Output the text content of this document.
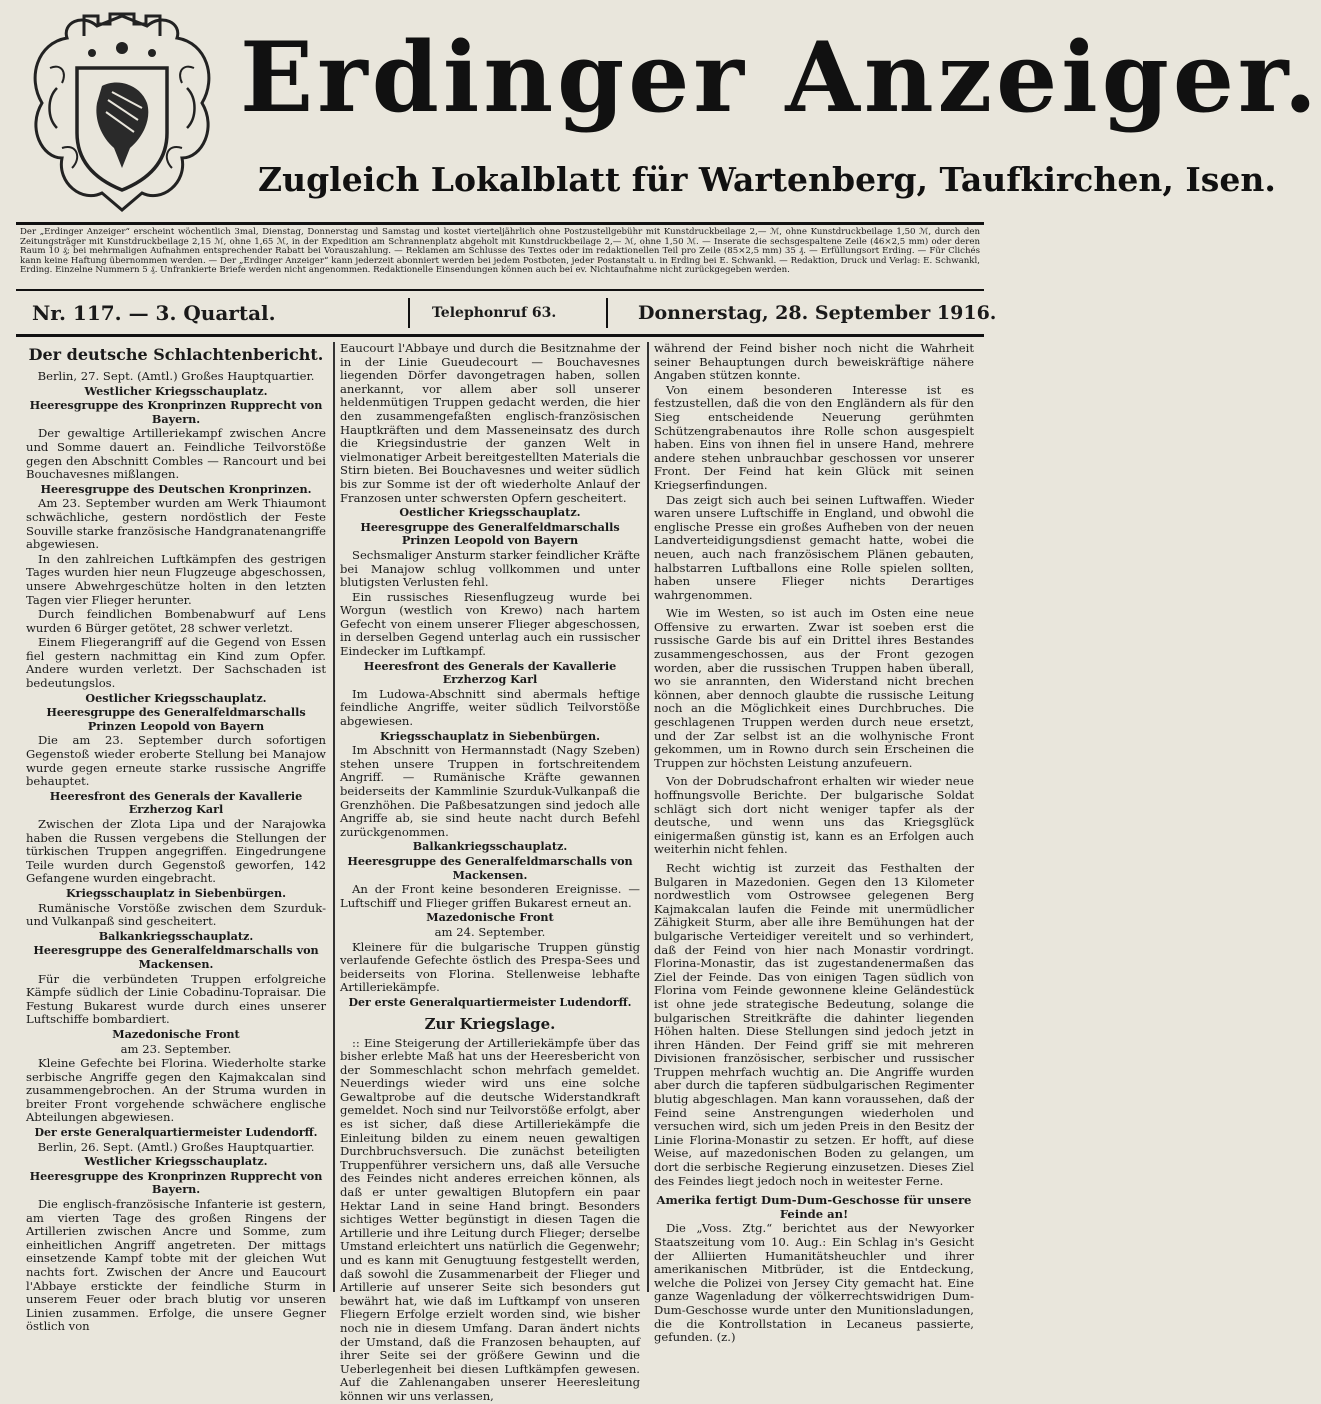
Erdinger Anzeiger.
Zugleich Lokalblatt für Wartenberg, Taufkirchen, Isen.
Der „Erdinger Anzeiger“ erscheint wöchentlich 3mal, Dienstag, Donnerstag und Samstag und kostet vierteljährlich ohne Postzustellgebühr mit Kunstdruckbeilage 2,— ℳ, ohne Kunstdruckbeilage 1,50 ℳ, durch den Zeitungsträger mit Kunstdruckbeilage 2,15 ℳ, ohne 1,65 ℳ, in der Expedition am Schrannenplatz abgeholt mit Kunstdruckbeilage 2,— ℳ, ohne 1,50 ℳ. — Inserate die sechsgespaltene Zeile (46×2,5 mm) oder deren Raum 10 ₰; bei mehrmaligen Aufnahmen entsprechender Rabatt bei Vorauszahlung. — Reklamen am Schlusse des Textes oder im redaktionellen Teil pro Zeile (85×2,5 mm) 35 ₰. — Erfüllungsort Erding. — Für Clichés kann keine Haftung übernommen werden. — Der „Erdinger Anzeiger“ kann jederzeit abonniert werden bei jedem Postboten, jeder Postanstalt u. in Erding bei E. Schwankl. — Redaktion, Druck und Verlag: E. Schwankl, Erding. Einzelne Nummern 5 ₰. Unfrankierte Briefe werden nicht angenommen. Redaktionelle Einsendungen können auch bei ev. Nichtaufnahme nicht zurückgegeben werden.
Nr. 117. — 3. Quartal.	Telephonruf 63.	Donnerstag, 28. September 1916.
Der deutsche Schlachtenbericht.

Berlin, 27. Sept. (Amtl.) Großes Hauptquartier.

Westlicher Kriegsschauplatz.

Heeresgruppe des Kronprinzen Rupprecht von Bayern.

Der gewaltige Artilleriekampf zwischen Ancre und Somme dauert an. Feindliche Teilvorstöße gegen den Abschnitt Combles — Rancourt und bei Bouchavesnes mißlangen.

Heeresgruppe des Deutschen Kronprinzen.

Am 23. September wurden am Werk Thiaumont schwächliche, gestern nordöstlich der Feste Souville starke französische Handgranatenangriffe abgewiesen.

In den zahlreichen Luftkämpfen des gestrigen Tages wurden hier neun Flugzeuge abgeschossen, unsere Abwehrgeschütze holten in den letzten Tagen vier Flieger herunter.

Durch feindlichen Bombenabwurf auf Lens wurden 6 Bürger getötet, 28 schwer verletzt.

Einem Fliegerangriff auf die Gegend von Essen fiel gestern nachmittag ein Kind zum Opfer. Andere wurden verletzt. Der Sachschaden ist bedeutungslos.

Oestlicher Kriegsschauplatz.

Heeresgruppe des Generalfeldmarschalls Prinzen Leopold von Bayern

Die am 23. September durch sofortigen Gegenstoß wieder eroberte Stellung bei Manajow wurde gegen erneute starke russische Angriffe behauptet.

Heeresfront des Generals der Kavallerie Erzherzog Karl

Zwischen der Zlota Lipa und der Narajowka haben die Russen vergebens die Stellungen der türkischen Truppen angegriffen. Eingedrungene Teile wurden durch Gegenstoß geworfen, 142 Gefangene wurden eingebracht.

Kriegsschauplatz in Siebenbürgen.

Rumänische Vorstöße zwischen dem Szurduk- und Vulkanpaß sind gescheitert.

Balkankriegsschauplatz.

Heeresgruppe des Generalfeldmarschalls von Mackensen.

Für die verbündeten Truppen erfolgreiche Kämpfe südlich der Linie Cobadinu-Topraisar. Die Festung Bukarest wurde durch eines unserer Luftschiffe bombardiert.

Mazedonische Front

am 23. September.

Kleine Gefechte bei Florina. Wiederholte starke serbische Angriffe gegen den Kajmakcalan sind zusammengebrochen. An der Struma wurden in breiter Front vorgehende schwächere englische Abteilungen abgewiesen.

Der erste Generalquartiermeister Ludendorff.

Berlin, 26. Sept. (Amtl.) Großes Hauptquartier.

Westlicher Kriegsschauplatz.

Heeresgruppe des Kronprinzen Rupprecht von Bayern.

Die englisch-französische Infanterie ist gestern, am vierten Tage des großen Ringens der Artillerien zwischen Ancre und Somme, zum einheitlichen Angriff angetreten. Der mittags einsetzende Kampf tobte mit der gleichen Wut nachts fort. Zwischen der Ancre und Eaucourt l'Abbaye erstickte der feindliche Sturm in unserem Feuer oder brach blutig vor unseren Linien zusammen. Erfolge, die unsere Gegner östlich von

Eaucourt l'Abbaye und durch die Besitznahme der in der Linie Gueudecourt — Bouchavesnes liegenden Dörfer davongetragen haben, sollen anerkannt, vor allem aber soll unserer heldenmütigen Truppen gedacht werden, die hier den zusammengefaßten englisch-französischen Hauptkräften und dem Masseneinsatz des durch die Kriegsindustrie der ganzen Welt in vielmonatiger Arbeit bereitgestellten Materials die Stirn bieten. Bei Bouchavesnes und weiter südlich bis zur Somme ist der oft wiederholte Anlauf der Franzosen unter schwersten Opfern gescheitert.

Oestlicher Kriegsschauplatz.

Heeresgruppe des Generalfeldmarschalls Prinzen Leopold von Bayern

Sechsmaliger Ansturm starker feindlicher Kräfte bei Manajow schlug vollkommen und unter blutigsten Verlusten fehl.

Ein russisches Riesenflugzeug wurde bei Worgun (westlich von Krewo) nach hartem Gefecht von einem unserer Flieger abgeschossen, in derselben Gegend unterlag auch ein russischer Eindecker im Luftkampf.

Heeresfront des Generals der Kavallerie Erzherzog Karl

Im Ludowa-Abschnitt sind abermals heftige feindliche Angriffe, weiter südlich Teilvorstöße abgewiesen.

Kriegsschauplatz in Siebenbürgen.

Im Abschnitt von Hermannstadt (Nagy Szeben) stehen unsere Truppen in fortschreitendem Angriff. — Rumänische Kräfte gewannen beiderseits der Kammlinie Szurduk-Vulkanpaß die Grenzhöhen. Die Paßbesatzungen sind jedoch alle Angriffe ab, sie sind heute nacht durch Befehl zurückgenommen.

Balkankriegsschauplatz.

Heeresgruppe des Generalfeldmarschalls von Mackensen.

An der Front keine besonderen Ereignisse. — Luftschiff und Flieger griffen Bukarest erneut an.

Mazedonische Front

am 24. September.

Kleinere für die bulgarische Truppen günstig verlaufende Gefechte östlich des Prespa-Sees und beiderseits von Florina. Stellenweise lebhafte Artilleriekämpfe.

Der erste Generalquartiermeister Ludendorff.

Zur Kriegslage.

:: Eine Steigerung der Artilleriekämpfe über das bisher erlebte Maß hat uns der Heeresbericht von der Sommeschlacht schon mehrfach gemeldet. Neuerdings wieder wird uns eine solche Gewaltprobe auf die deutsche Widerstandkraft gemeldet. Noch sind nur Teilvorstöße erfolgt, aber es ist sicher, daß diese Artilleriekämpfe die Einleitung bilden zu einem neuen gewaltigen Durchbruchsversuch. Die zunächst beteiligten Truppenführer versichern uns, daß alle Versuche des Feindes nicht anderes erreichen können, als daß er unter gewaltigen Blutopfern ein paar Hektar Land in seine Hand bringt. Besonders sichtiges Wetter begünstigt in diesen Tagen die Artillerie und ihre Leitung durch Flieger; derselbe Umstand erleichtert uns natürlich die Gegenwehr; und es kann mit Genugtuung festgestellt werden, daß sowohl die Zusammenarbeit der Flieger und Artillerie auf unserer Seite sich besonders gut bewährt hat, wie daß im Luftkampf von unseren Fliegern Erfolge erzielt worden sind, wie bisher noch nie in diesem Umfang. Daran ändert nichts der Umstand, daß die Franzosen behaupten, auf ihrer Seite sei der größere Gewinn und die Ueberlegenheit bei diesen Luftkämpfen gewesen. Auf die Zahlenangaben unserer Heeresleitung können wir uns verlassen,

während der Feind bisher noch nicht die Wahrheit seiner Behauptungen durch beweiskräftige nähere Angaben stützen konnte.

Von einem besonderen Interesse ist es festzustellen, daß die von den Engländern als für den Sieg entscheidende Neuerung gerühmten Schützengrabenautos ihre Rolle schon ausgespielt haben. Eins von ihnen fiel in unsere Hand, mehrere andere stehen unbrauchbar geschossen vor unserer Front. Der Feind hat kein Glück mit seinen Kriegserfindungen.

Das zeigt sich auch bei seinen Luftwaffen. Wieder waren unsere Luftschiffe in England, und obwohl die englische Presse ein großes Aufheben von der neuen Landverteidigungsdienst gemacht hatte, wobei die neuen, auch nach französischem Plänen gebauten, halbstarren Luftballons eine Rolle spielen sollten, haben unsere Flieger nichts Derartiges wahrgenommen.

Wie im Westen, so ist auch im Osten eine neue Offensive zu erwarten. Zwar ist soeben erst die russische Garde bis auf ein Drittel ihres Bestandes zusammengeschossen, aus der Front gezogen worden, aber die russischen Truppen haben überall, wo sie anrannten, den Widerstand nicht brechen können, aber dennoch glaubte die russische Leitung noch an die Möglichkeit eines Durchbruches. Die geschlagenen Truppen werden durch neue ersetzt, und der Zar selbst ist an die wolhynische Front gekommen, um in Rowno durch sein Erscheinen die Truppen zur höchsten Leistung anzufeuern.

Von der Dobrudschafront erhalten wir wieder neue hoffnungsvolle Berichte. Der bulgarische Soldat schlägt sich dort nicht weniger tapfer als der deutsche, und wenn uns das Kriegsglück einigermaßen günstig ist, kann es an Erfolgen auch weiterhin nicht fehlen.

Recht wichtig ist zurzeit das Festhalten der Bulgaren in Mazedonien. Gegen den 13 Kilometer nordwestlich vom Ostrowsee gelegenen Berg Kajmakcalan laufen die Feinde mit unermüdlicher Zähigkeit Sturm, aber alle ihre Bemühungen hat der bulgarische Verteidiger vereitelt und so verhindert, daß der Feind von hier nach Monastir vordringt. Florina-Monastir, das ist zugestandenermaßen das Ziel der Feinde. Das von einigen Tagen südlich von Florina vom Feinde gewonnene kleine Geländestück ist ohne jede strategische Bedeutung, solange die bulgarischen Streitkräfte die dahinter liegenden Höhen halten. Diese Stellungen sind jedoch jetzt in ihren Händen. Der Feind griff sie mit mehreren Divisionen französischer, serbischer und russischer Truppen mehrfach wuchtig an. Die Angriffe wurden aber durch die tapferen südbulgarischen Regimenter blutig abgeschlagen. Man kann voraussehen, daß der Feind seine Anstrengungen wiederholen und versuchen wird, sich um jeden Preis in den Besitz der Linie Florina-Monastir zu setzen. Er hofft, auf diese Weise, auf mazedonischen Boden zu gelangen, um dort die serbische Regierung einzusetzen. Dieses Ziel des Feindes liegt jedoch noch in weitester Ferne.

Amerika fertigt Dum-Dum-Geschosse für unsere Feinde an!

Die „Voss. Ztg.“ berichtet aus der Newyorker Staatszeitung vom 10. Aug.: Ein Schlag in's Gesicht der Alliierten Humanitätsheuchler und ihrer amerikanischen Mitbrüder, ist die Entdeckung, welche die Polizei von Jersey City gemacht hat. Eine ganze Wagenladung der völkerrechtswidrigen Dum-Dum-Geschosse wurde unter den Munitionsladungen, die die Kontrollstation in Lecaneus passierte, gefunden. (z.)
